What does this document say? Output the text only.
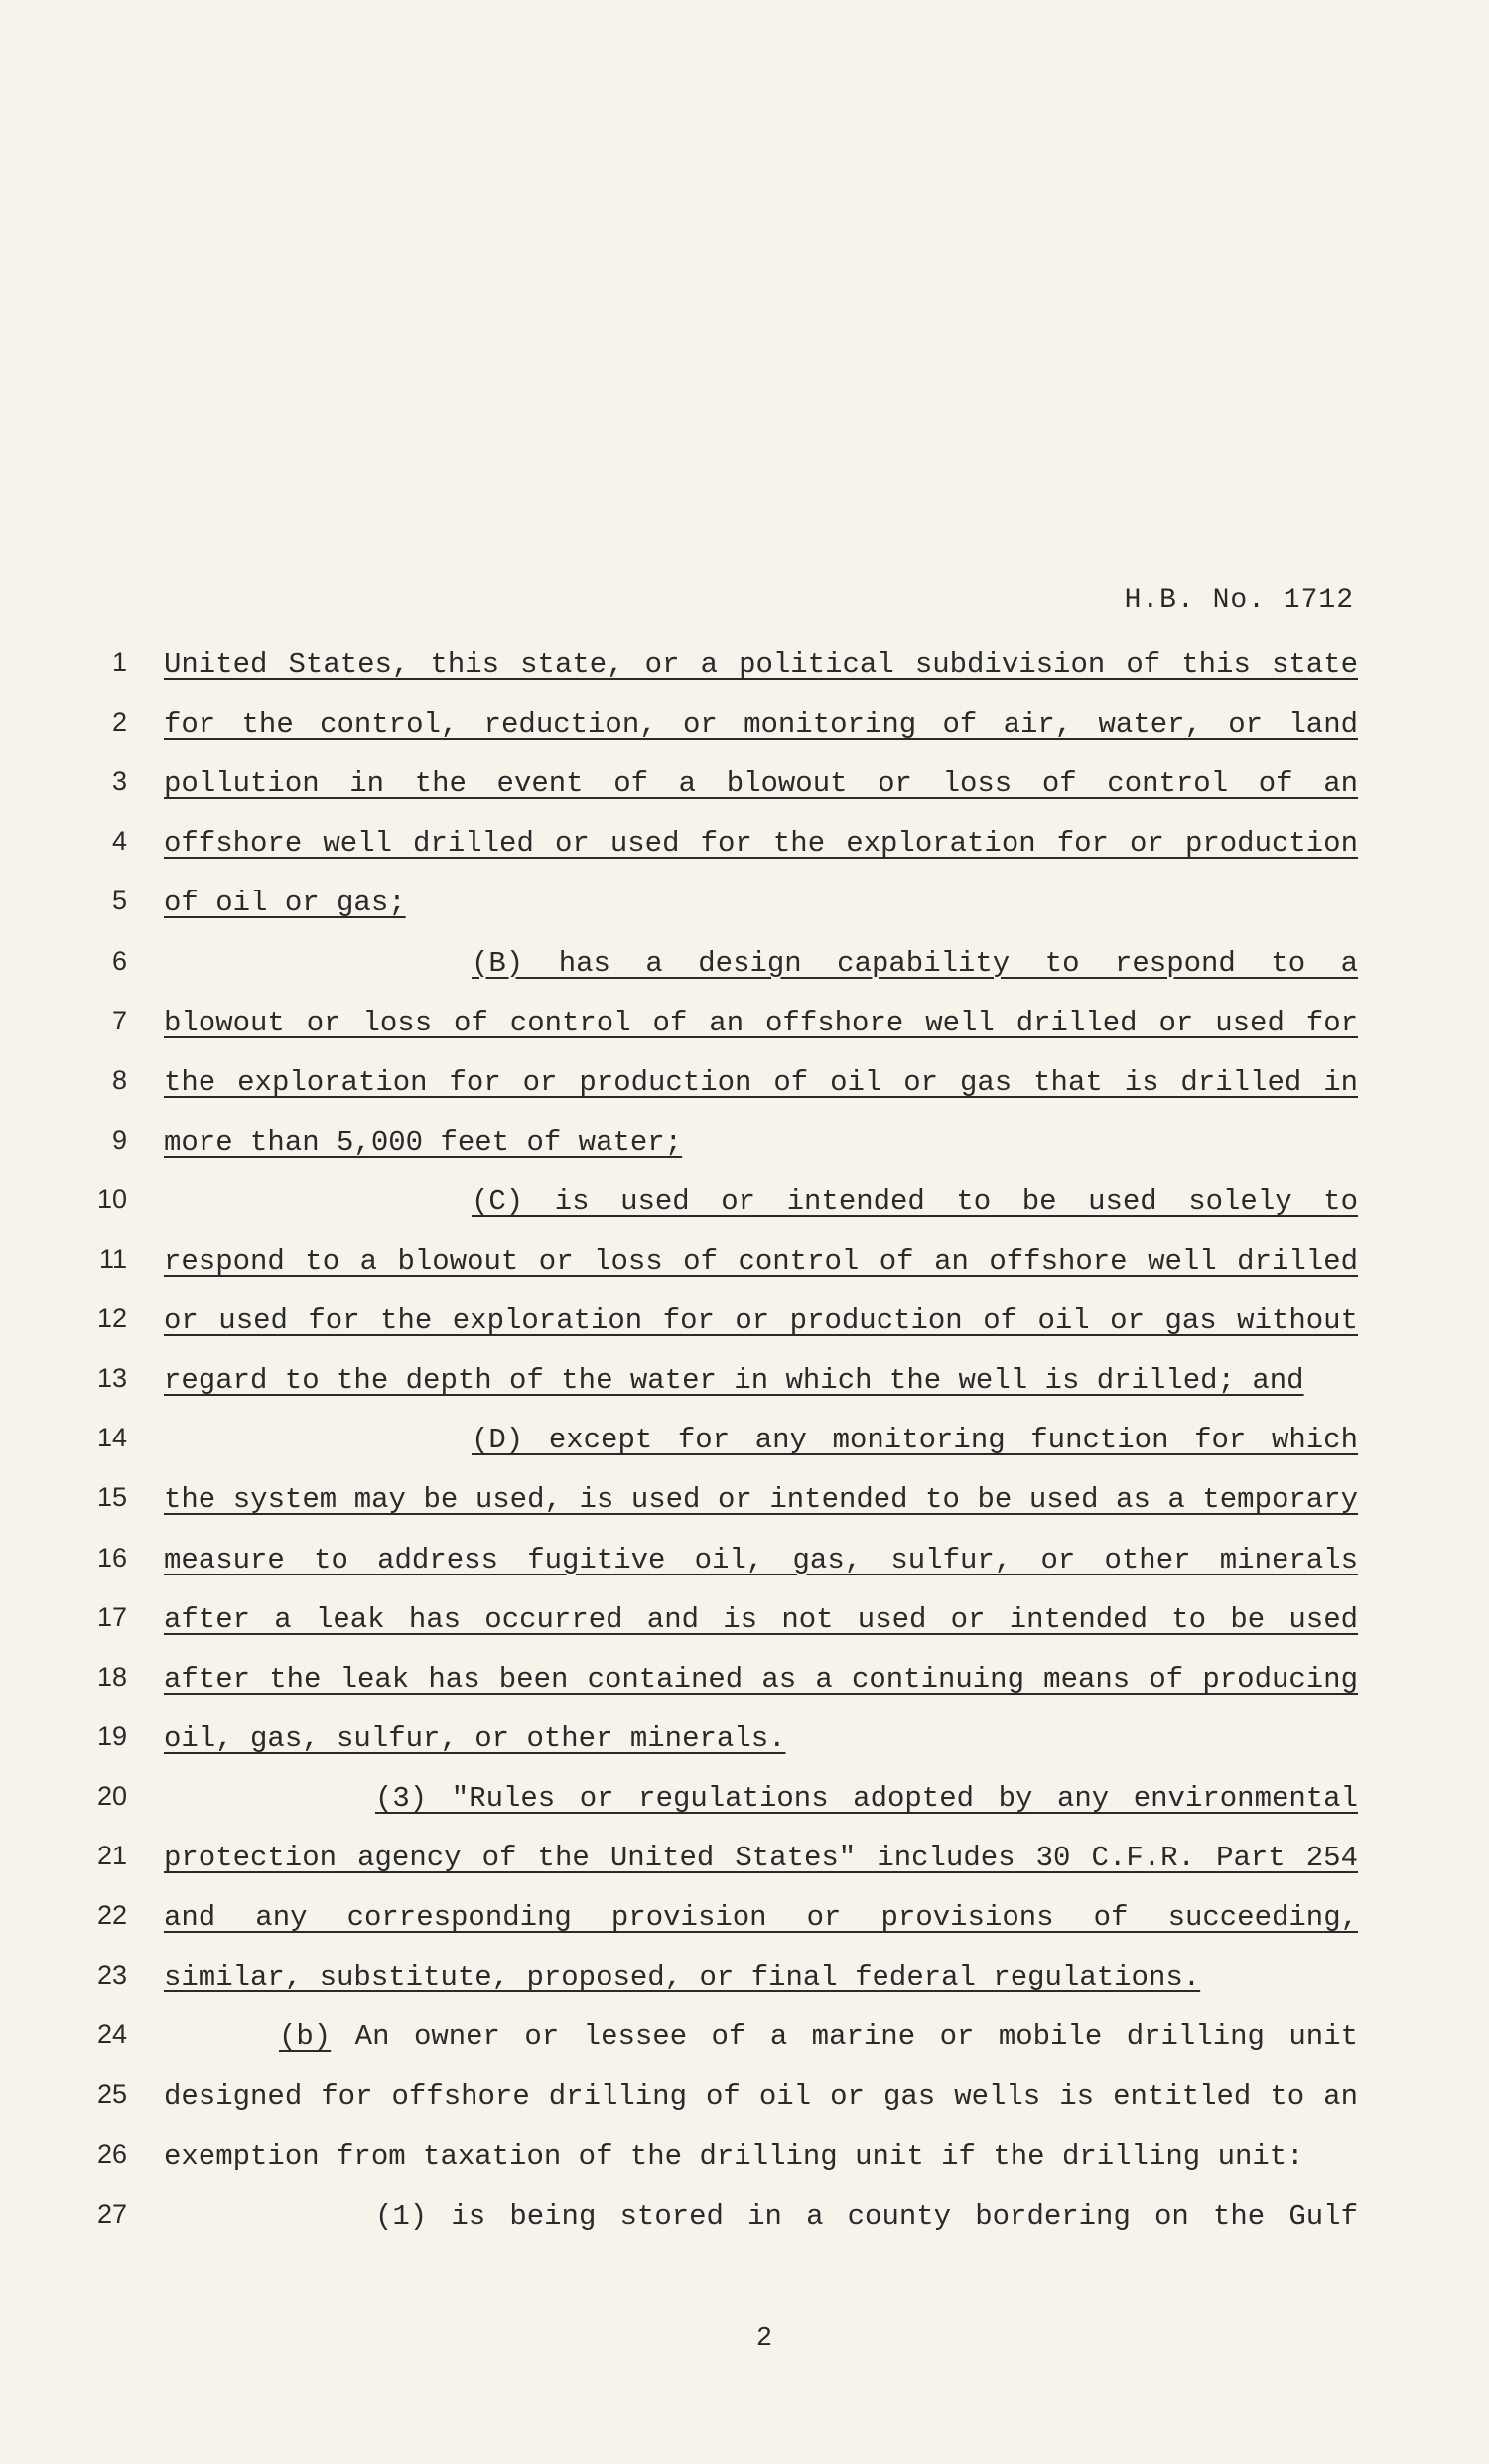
H.B. No. 1712
1 United States, this state, or a political subdivision of this state
2 for the control, reduction, or monitoring of air, water, or land
3 pollution in the event of a blowout or loss of control of an
4 offshore well drilled or used for the exploration for or production
5 of oil or gas;
6	(B) has a design capability to respond to a
7 blowout or loss of control of an offshore well drilled or used for
8 the exploration for or production of oil or gas that is drilled in
9 more than 5,000 feet of water;
10	(C) is used or intended to be used solely to
11 respond to a blowout or loss of control of an offshore well drilled
12 or used for the exploration for or production of oil or gas without
13 regard to the depth of the water in which the well is drilled; and
14	(D) except for any monitoring function for which
15 the system may be used, is used or intended to be used as a temporary
16 measure to address fugitive oil, gas, sulfur, or other minerals
17 after a leak has occurred and is not used or intended to be used
18 after the leak has been contained as a continuing means of producing
19 oil, gas, sulfur, or other minerals.
20	(3) "Rules or regulations adopted by any environmental
21 protection agency of the United States" includes 30 C.F.R. Part 254
22 and any corresponding provision or provisions of succeeding,
23 similar, substitute, proposed, or final federal regulations.
24	(b) An owner or lessee of a marine or mobile drilling unit
25 designed for offshore drilling of oil or gas wells is entitled to an
26 exemption from taxation of the drilling unit if the drilling unit:
27	(1) is being stored in a county bordering on the Gulf
2
